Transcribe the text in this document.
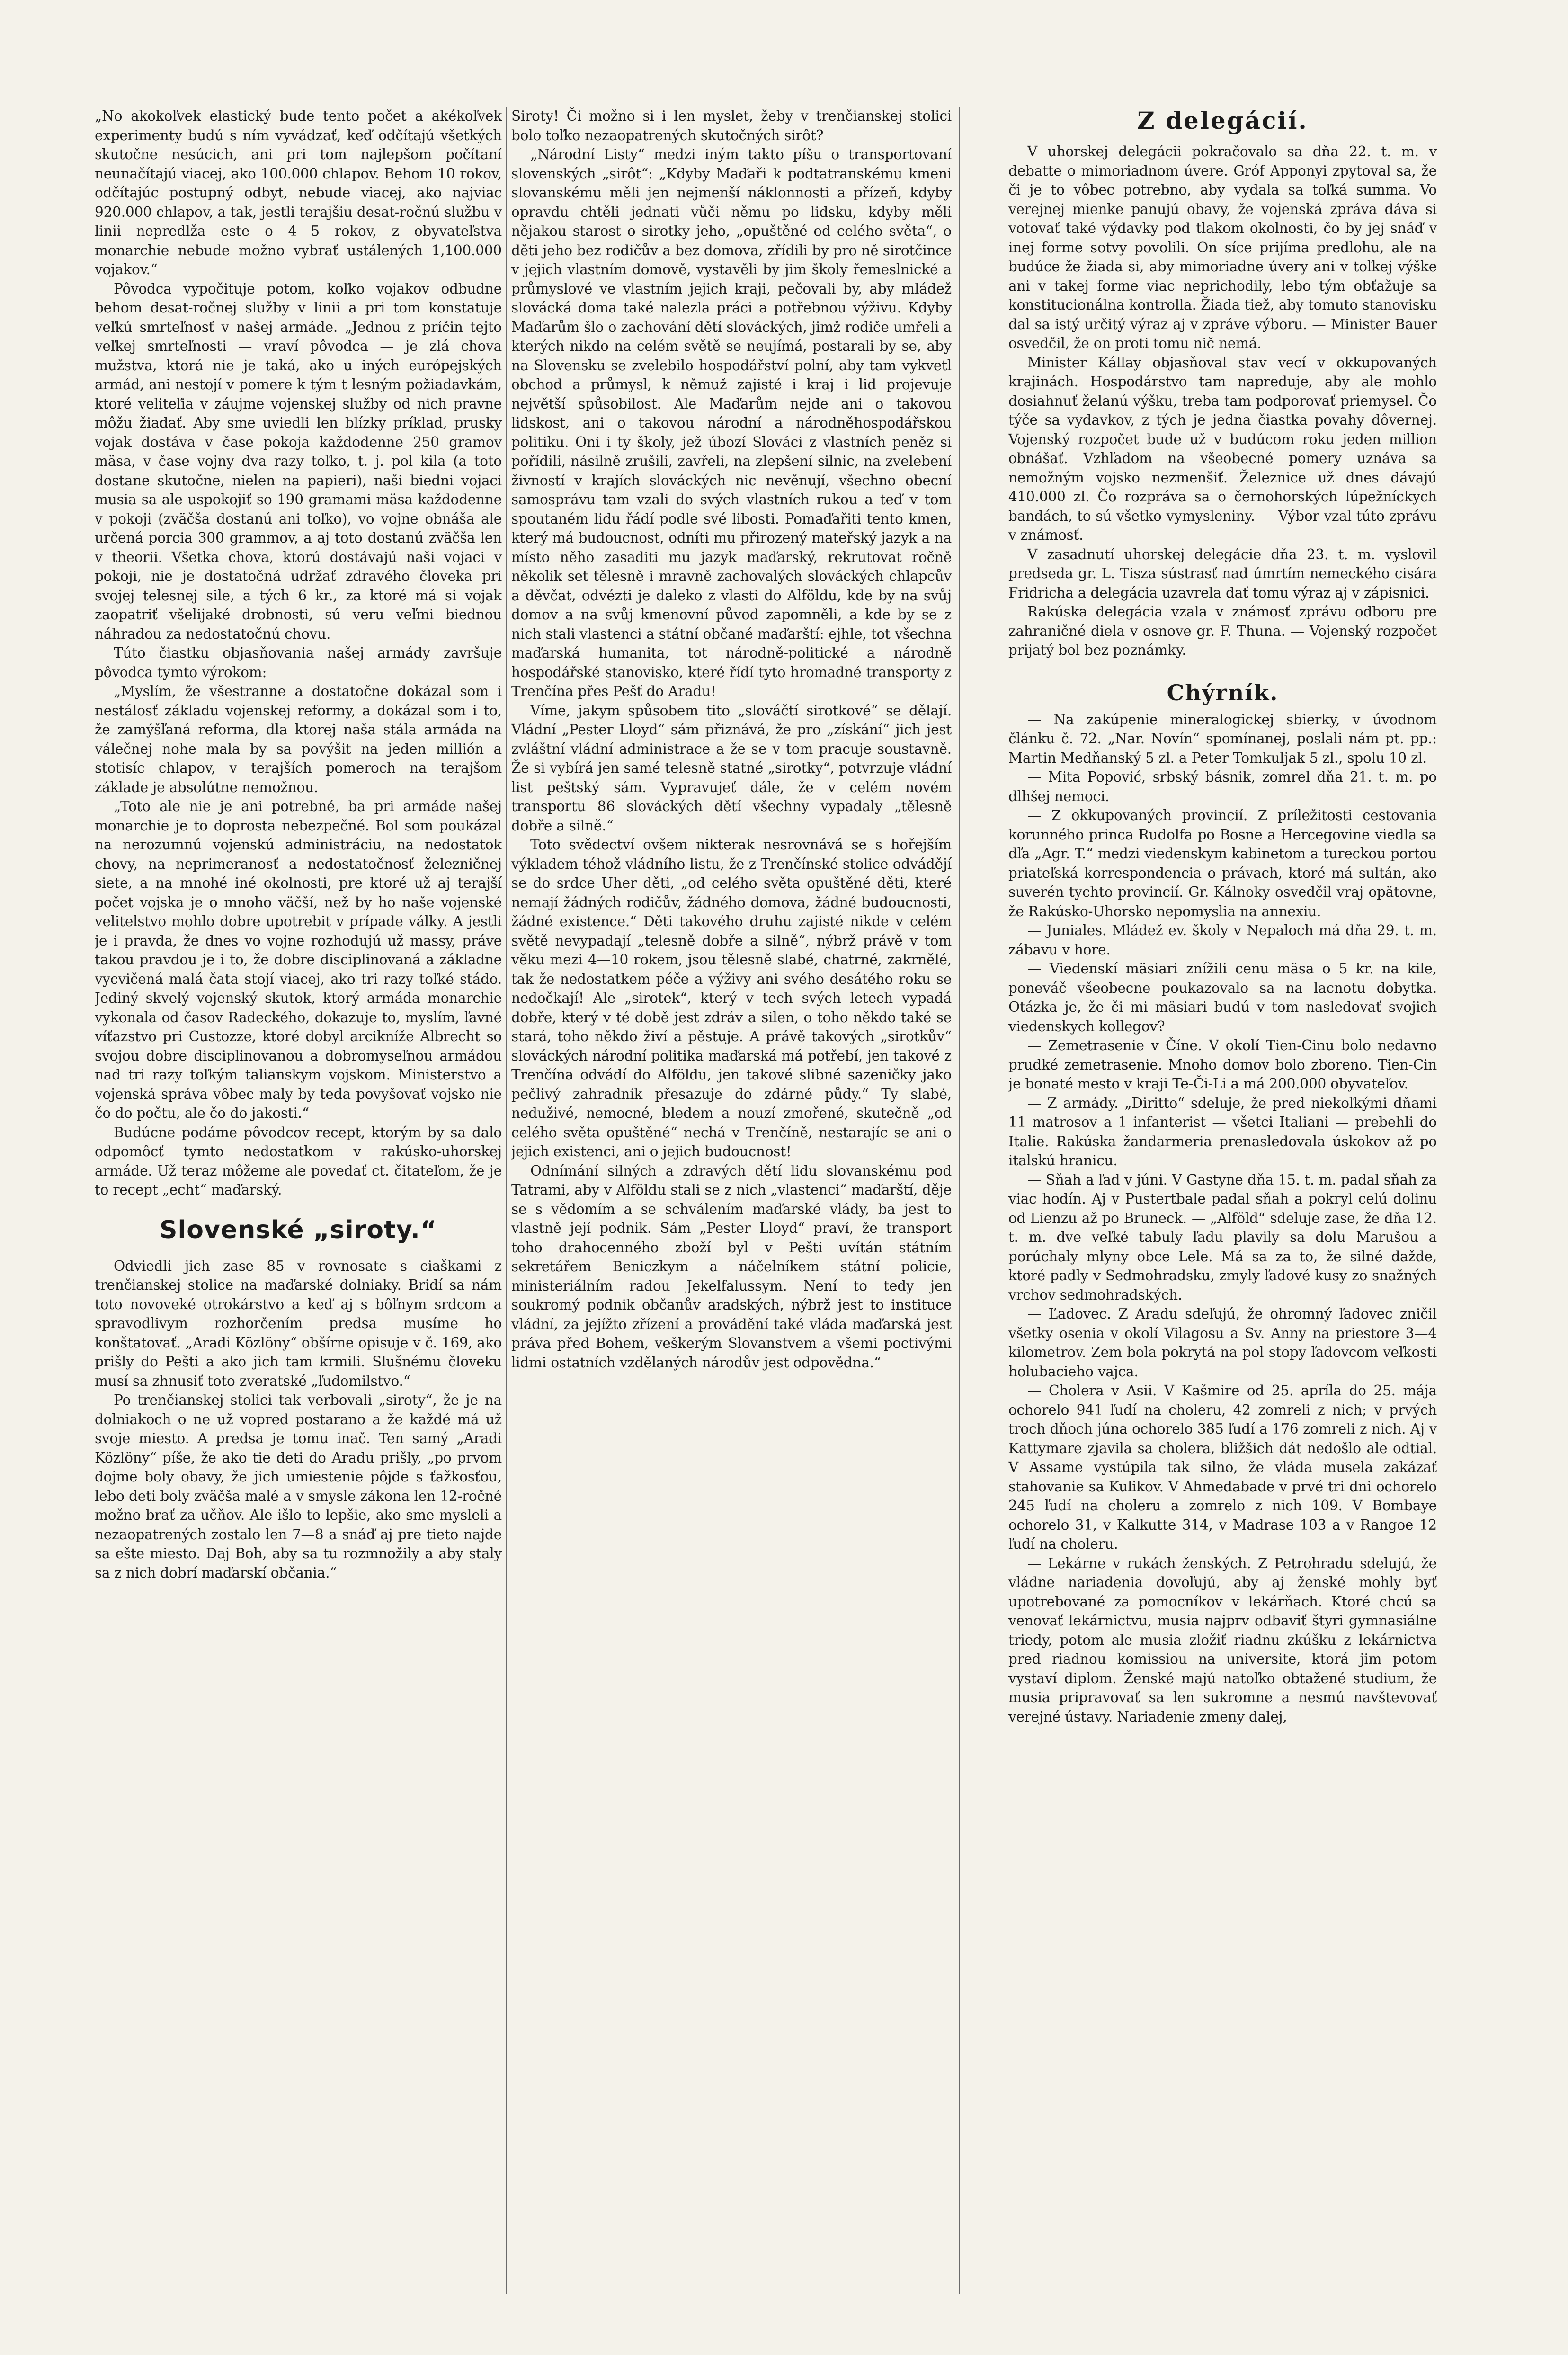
„No akokoľvek elastický bude tento počet a akékoľvek experimenty budú s ním vyvádzať, keď odčítajú všetkých skutočne nesúcich, ani pri tom najlepšom počítaní neunačítajú viacej, ako 100.000 chlapov. Behom 10 rokov, odčítajúc postupný odbyt, nebude viacej, ako najviac 920.000 chlapov, a tak, jestli terajšiu desat-ročnú službu v linii nepredlža este o 4—5 rokov, z obyvateľstva monarchie nebude možno vybrať ustálených 1,100.000 vojakov.“

Pôvodca vypočituje potom, koľko vojakov odbudne behom desat-ročnej služby v linii a pri tom konstatuje veľkú smrteľnosť v našej armáde. „Jednou z príčin tejto veľkej smrteľnosti — vraví pôvodca — je zlá chova mužstva, ktorá nie je taká, ako u iných európejských armád, ani nestojí v pomere k tým t lesným požiadavkám, ktoré veliteľia v záujme vojenskej služby od nich pravne môžu žiadať. Aby sme uviedli len blízky príklad, prusky vojak dostáva v čase pokoja každodenne 250 gramov mäsa, v čase vojny dva razy toľko, t. j. pol kila (a toto dostane skutočne, nielen na papieri), naši biedni vojaci musia sa ale uspokojiť so 190 gramami mäsa každodenne v pokoji (zväčša dostanú ani toľko), vo vojne obnáša ale určená porcia 300 grammov, a aj toto dostanú zväčša len v theorii. Všetka chova, ktorú dostávajú naši vojaci v pokoji, nie je dostatočná udržať zdravého človeka pri svojej telesnej sile, a tých 6 kr., za ktoré má si vojak zaopatriť všelijaké drobnosti, sú veru veľmi biednou náhradou za nedostatočnú chovu.

Túto čiastku objasňovania našej armády završuje pôvodca tymto výrokom:

„Myslím, že všestranne a dostatočne dokázal som i nestálosť základu vojenskej reformy, a dokázal som i to, že zamýšľaná reforma, dla ktorej naša stála armáda na válečnej nohe mala by sa povýšit na jeden millión a stotisíc chlapov, v terajších pomeroch na terajšom základe je absolútne nemožnou.

„Toto ale nie je ani potrebné, ba pri armáde našej monarchie je to doprosta nebezpečné. Bol som poukázal na nerozumnú vojenskú administráciu, na nedostatok chovy, na neprimeranosť a nedostatočnosť železničnej siete, a na mnohé iné okolnosti, pre ktoré už aj terajší počet vojska je o mnoho väčší, než by ho naše vojenské velitelstvo mohlo dobre upotrebit v prípade války. A jestli je i pravda, že dnes vo vojne rozhodujú už massy, práve takou pravdou je i to, že dobre disciplinovaná a základne vycvičená malá čata stojí viacej, ako tri razy toľké stádo. Jediný skvelý vojenský skutok, ktorý armáda monarchie vykonala od časov Radeckého, dokazuje to, myslím, ľavné víťazstvo pri Custozze, ktoré dobyl arcikníže Albrecht so svojou dobre disciplinovanou a dobromyseľnou armádou nad tri razy toľkým talianskym vojskom. Ministerstvo a vojenská správa vôbec maly by teda povyšovať vojsko nie čo do počtu, ale čo do jakosti.“

Budúcne podáme pôvodcov recept, ktorým by sa dalo odpomôcť tymto nedostatkom v rakúsko-uhorskej armáde. Už teraz môžeme ale povedať ct. čitateľom, že je to recept „echt“ maďarský.

Slovenské „siroty.“

Odviedli jich zase 85 v rovnosate s ciaškami z trenčianskej stolice na maďarské dolniaky. Bridí sa nám toto novoveké otrokárstvo a keď aj s bôľnym srdcom a spravodlivym rozhorčením predsa musíme ho konštatovať. „Aradi Közlöny“ obšírne opisuje v č. 169, ako prišly do Pešti a ako jich tam krmili. Slušnému človeku musí sa zhnusiť toto zveratské „ľudomilstvo.“

Po trenčianskej stolici tak verbovali „siroty“, že je na dolniakoch o ne už vopred postarano a že každé má už svoje miesto. A predsa je tomu inač. Ten samý „Aradi Közlöny“ píše, že ako tie deti do Aradu prišly, „po prvom dojme boly obavy, že jich umiestenie pôjde s ťažkosťou, lebo deti boly zväčša malé a v smysle zákona len 12-ročné možno brať za učňov. Ale išlo to lepšie, ako sme mysleli a nezaopatrených zostalo len 7—8 a snáď aj pre tieto najde sa ešte miesto. Daj Boh, aby sa tu rozmnožily a aby staly sa z nich dobrí maďarskí občania.“

Siroty! Či možno si i len myslet, žeby v trenčianskej stolici bolo toľko nezaopatrených skutočných sirôt?

„Národní Listy“ medzi iným takto píšu o transportovaní slovenských „sirôt“: „Kdyby Maďaři k podtatranskému kmeni slovanskému měli jen nejmenší náklonnosti a přízeň, kdyby opravdu chtěli jednati vůči němu po lidsku, kdyby měli nějakou starost o sirotky jeho, „opuštěné od celého světa“, o děti jeho bez rodičův a bez domova, zřídili by pro ně sirotčince v jejich vlastním domově, vystavěli by jim školy řemeslnické a průmyslové ve vlastním jejich kraji, pečovali by, aby mládež slovácká doma také nalezla práci a potřebnou výživu. Kdyby Maďarům šlo o zachování dětí slováckých, jimž rodiče umřeli a kterých nikdo na celém světě se neujímá, postarali by se, aby na Slovensku se zvelebilo hospodářství polní, aby tam vykvetl obchod a průmysl, k němuž zajisté i kraj i lid projevuje největší spůsobilost. Ale Maďarům nejde ani o takovou lidskost, ani o takovou národní a národněhospodářskou politiku. Oni i ty školy, jež úbozí Slováci z vlastních peněz si pořídili, násilně zrušili, zavřeli, na zlepšení silnic, na zvelebení živností v krajích slováckých nic nevěnují, všechno obecní samosprávu tam vzali do svých vlastních rukou a teď v tom spoutaném lidu řádí podle své libosti. Pomaďařiti tento kmen, který má budoucnost, odníti mu přirozený mateřský jazyk a na místo něho zasaditi mu jazyk maďarský, rekrutovat ročně několik set tělesně i mravně zachovalých slováckých chlapcův a děvčat, odvézti je daleko z vlasti do Alföldu, kde by na svůj domov a na svůj kmenovní původ zapomněli, a kde by se z nich stali vlastenci a státní občané maďarští: ejhle, tot všechna maďarská humanita, tot národně-politické a národně hospodářské stanovisko, které řídí tyto hromadné transporty z Trenčína přes Pešť do Aradu!

Víme, jakym spůsobem tito „slováčtí sirotkové“ se dělají. Vládní „Pester Lloyd“ sám přiznává, že pro „získání“ jich jest zvláštní vládní administrace a že se v tom pracuje soustavně. Že si vybírá jen samé telesně statné „sirotky“, potvrzuje vládní list peštský sám. Vypravujeť dále, že v celém novém transportu 86 slováckých dětí všechny vypadaly „tělesně dobře a silně.“

Toto svědectví ovšem nikterak nesrovnává se s hořejším výkladem téhož vládního listu, že z Trenčínské stolice odvádějí se do srdce Uher děti, „od celého světa opuštěné děti, které nemají žádných rodičův, žádného domova, žádné budoucnosti, žádné existence.“ Děti takového druhu zajisté nikde v celém světě nevypadají „telesně dobře a silně“, nýbrž právě v tom věku mezi 4—10 rokem, jsou tělesně slabé, chatrné, zakrnělé, tak že nedostatkem péče a výživy ani svého desátého roku se nedočkají! Ale „sirotek“, který v tech svých letech vypadá dobře, který v té době jest zdráv a silen, o toho někdo také se stará, toho někdo živí a pěstuje. A právě takových „sirotkův“ slováckých národní politika maďarská má potřebí, jen takové z Trenčína odvádí do Alföldu, jen takové slibné sazeničky jako pečlivý zahradník přesazuje do zdárné půdy.“ Ty slabé, neduživé, nemocné, bledem a nouzí zmořené, skutečně „od celého světa opuštěné“ nechá v Trenčíně, nestarajíc se ani o jejich existenci, ani o jejich budoucnost!

Odnímání silných a zdravých dětí lidu slovanskému pod Tatrami, aby v Alföldu stali se z nich „vlastenci“ maďarští, děje se s vědomím a se schválením maďarské vlády, ba jest to vlastně její podnik. Sám „Pester Lloyd“ praví, že transport toho drahocenného zboží byl v Pešti uvítán státním sekretářem Beniczkym a náčelníkem státní policie, ministeriálním radou Jekelfalussym. Není to tedy jen soukromý podnik občanův aradských, nýbrž jest to instituce vládní, za jejížto zřízení a provádění také vláda maďarská jest práva před Bohem, veškerým Slovanstvem a všemi poctivými lidmi ostatních vzdělaných národův jest odpovědna.“

Z delegácií.

V uhorskej delegácii pokračovalo sa dňa 22. t. m. v debatte o mimoriadnom úvere. Gróf Apponyi zpytoval sa, že či je to vôbec potrebno, aby vydala sa toľká summa. Vo verejnej mienke panujú obavy, že vojenská zpráva dáva si votovať také výdavky pod tlakom okolnosti, čo by jej snáď v inej forme sotvy povolili. On síce prijíma predlohu, ale na budúce že žiada si, aby mimoriadne úvery ani v toľkej výške ani v takej forme viac neprichodily, lebo tým obťažuje sa konstitucionálna kontrolla. Žiada tiež, aby tomuto stanovisku dal sa istý určitý výraz aj v zpráve výboru. — Minister Bauer osvedčil, že on proti tomu nič nemá.

Minister Kállay objasňoval stav vecí v okkupovaných krajinách. Hospodárstvo tam napreduje, aby ale mohlo dosiahnuť želanú výšku, treba tam podporovať priemysel. Čo týče sa vydavkov, z tých je jedna čiastka povahy dôvernej. Vojenský rozpočet bude už v budúcom roku jeden million obnášať. Vzhľadom na všeobecné pomery uznáva sa nemožným vojsko nezmenšiť. Železnice už dnes dávajú 410.000 zl. Čo rozpráva sa o černohorských lúpežníckych bandách, to sú všetko vymysleniny. — Výbor vzal túto zprávu v známosť.

V zasadnutí uhorskej delegácie dňa 23. t. m. vyslovil predseda gr. L. Tisza sústrasť nad úmrtím nemeckého cisára Fridricha a delegácia uzavrela dať tomu výraz aj v zápisnici.

Rakúska delegácia vzala v známosť zprávu odboru pre zahraničné diela v osnove gr. F. Thuna. — Vojenský rozpočet prijatý bol bez poznámky.

Chýrník.

— Na zakúpenie mineralogickej sbierky, v úvodnom článku č. 72. „Nar. Novín“ spomínanej, poslali nám pt. pp.: Martin Medňanský 5 zl. a Peter Tomkuljak 5 zl., spolu 10 zl.

— Mita Popović, srbský básnik, zomrel dňa 21. t. m. po dlhšej nemoci.

— Z okkupovaných provincií. Z príležitosti cestovania korunného princa Rudolfa po Bosne a Hercegovine viedla sa dľa „Agr. T.“ medzi viedenskym kabinetom a tureckou portou priateľská korrespondencia o právach, ktoré má sultán, ako suverén tychto provincií. Gr. Kálnoky osvedčil vraj opätovne, že Rakúsko-Uhorsko nepomyslia na annexiu.

— Juniales. Mládež ev. školy v Nepaloch má dňa 29. t. m. zábavu v hore.

— Viedenskí mäsiari znížili cenu mäsa o 5 kr. na kile, poneváč všeobecne poukazovalo sa na lacnotu dobytka. Otázka je, že či mi mäsiari budú v tom nasledovať svojich viedenskych kollegov?

— Zemetrasenie v Číne. V okolí Tien-Cinu bolo nedavno prudké zemetrasenie. Mnoho domov bolo zborenо. Tien-Cin je bonaté mesto v kraji Te-Či-Li a má 200.000 obyvateľov.

— Z armády. „Diritto“ sdeluje, že pred niekoľkými dňami 11 matrosov a 1 infanterist — všetci Italiani — prebehli do Italie. Rakúska žandarmeria prenasledovala úskokov až po italskú hranicu.

— Sňah a ľad v júni. V Gastyne dňa 15. t. m. padal sňah za viac hodín. Aj v Pustertbale padal sňah a pokryl celú dolinu od Lienzu až po Bruneck. — „Alföld“ sdeluje zase, že dňa 12. t. m. dve veľké tabuly ľadu plavily sa dolu Marušou a porúchaly mlyny obce Lele. Má sa za to, že silné dažde, ktoré padly v Sedmohradsku, zmyly ľadové kusy zo snažných vrchov sedmohradských.

— Ľadovec. Z Aradu sdeľujú, že ohromný ľadovec zničil všetky osenia v okolí Vilagosu a Sv. Anny na priestore 3—4 kilometrov. Zem bola pokrytá na pol stopy ľadovcom veľkosti holubacieho vajca.

— Cholera v Asii. V Kašmire od 25. apríla do 25. mája ochorelo 941 ľudí na choleru, 42 zomreli z nich; v prvých troch dňoch júna ochorelo 385 ľudí a 176 zomreli z nich. Aj v Kattymare zjavila sa cholera, bližšich dát nedošlo ale odtial. V Assame vystúpila tak silno, že vláda musela zakázať stahovanie sa Kulikov. V Ahmedabade v prvé tri dni ochorelo 245 ľudí na choleru a zomrelo z nich 109. V Bombaye ochorelo 31, v Kalkutte 314, v Madrase 103 a v Rangoe 12 ľudí na choleru.

— Lekárne v rukách ženských. Z Petrohradu sdelujú, že vládne nariadenia dovoľujú, aby aj ženské mohly byť upotrebované za pomocníkov v lekárňach. Ktoré chcú sa venovať lekárnictvu, musia najprv odbaviť štyri gymnasiálne triedy, potom ale musia zložiť riadnu zkúšku z lekárnictva pred riadnou komissiou na universite, ktorá jim potom vystaví diplom. Ženské majú natoľko obtažené studium, že musia pripravovať sa len sukromne a nesmú navštevovať verejné ústavy. Nariadenie zmeny dalej,
